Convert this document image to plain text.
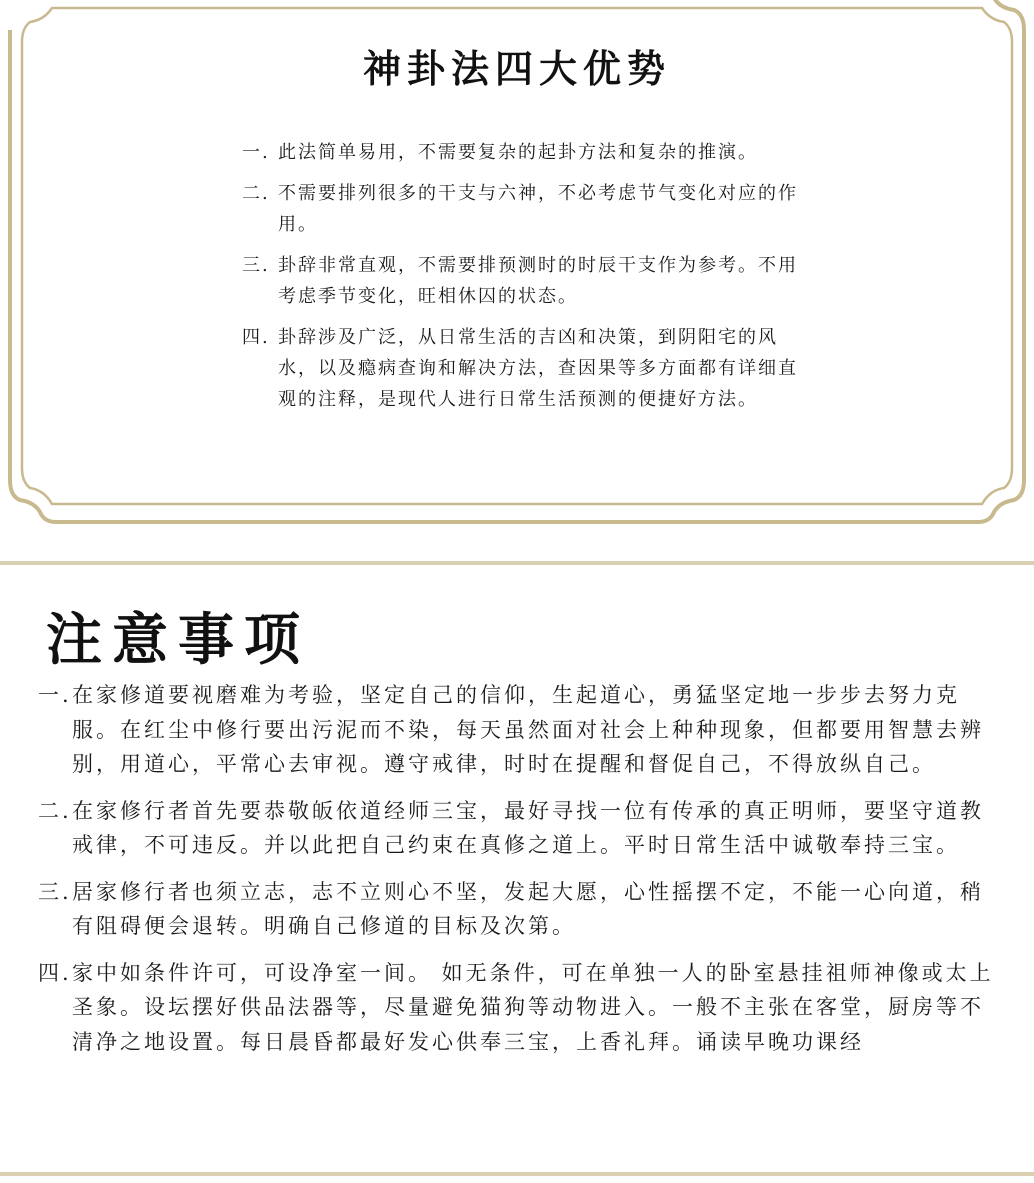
神卦法四大优势
一. 此法简单易用，不需要复杂的起卦方法和复杂的推演。
二. 不需要排列很多的干支与六神，不必考虑节气变化对应的作用。
三. 卦辞非常直观，不需要排预测时的时辰干支作为参考。不用考虑季节变化，旺相休囚的状态。
四. 卦辞涉及广泛，从日常生活的吉凶和决策，到阴阳宅的风水，以及瘾病查询和解决方法，查因果等多方面都有详细直观的注释，是现代人进行日常生活预测的便捷好方法。
注意事项
一. 在家修道要视磨难为考验，坚定自己的信仰，生起道心，勇猛坚定地一步步去努力克服。在红尘中修行要出污泥而不染，每天虽然面对社会上种种现象，但都要用智慧去辨别，用道心，平常心去审视。遵守戒律，时时在提醒和督促自己，不得放纵自己。
二. 在家修行者首先要恭敬皈依道经师三宝，最好寻找一位有传承的真正明师，要坚守道教戒律，不可违反。并以此把自己约束在真修之道上。平时日常生活中诚敬奉持三宝。
三. 居家修行者也须立志，志不立则心不坚，发起大愿，心性摇摆不定，不能一心向道，稍有阻碍便会退转。明确自己修道的目标及次第。
四. 家中如条件许可，可设净室一间。 如无条件，可在单独一人的卧室悬挂祖师神像或太上圣象。设坛摆好供品法器等，尽量避免猫狗等动物进入。一般不主张在客堂，厨房等不清净之地设置。每日晨昏都最好发心供奉三宝，上香礼拜。诵读早晚功课经
